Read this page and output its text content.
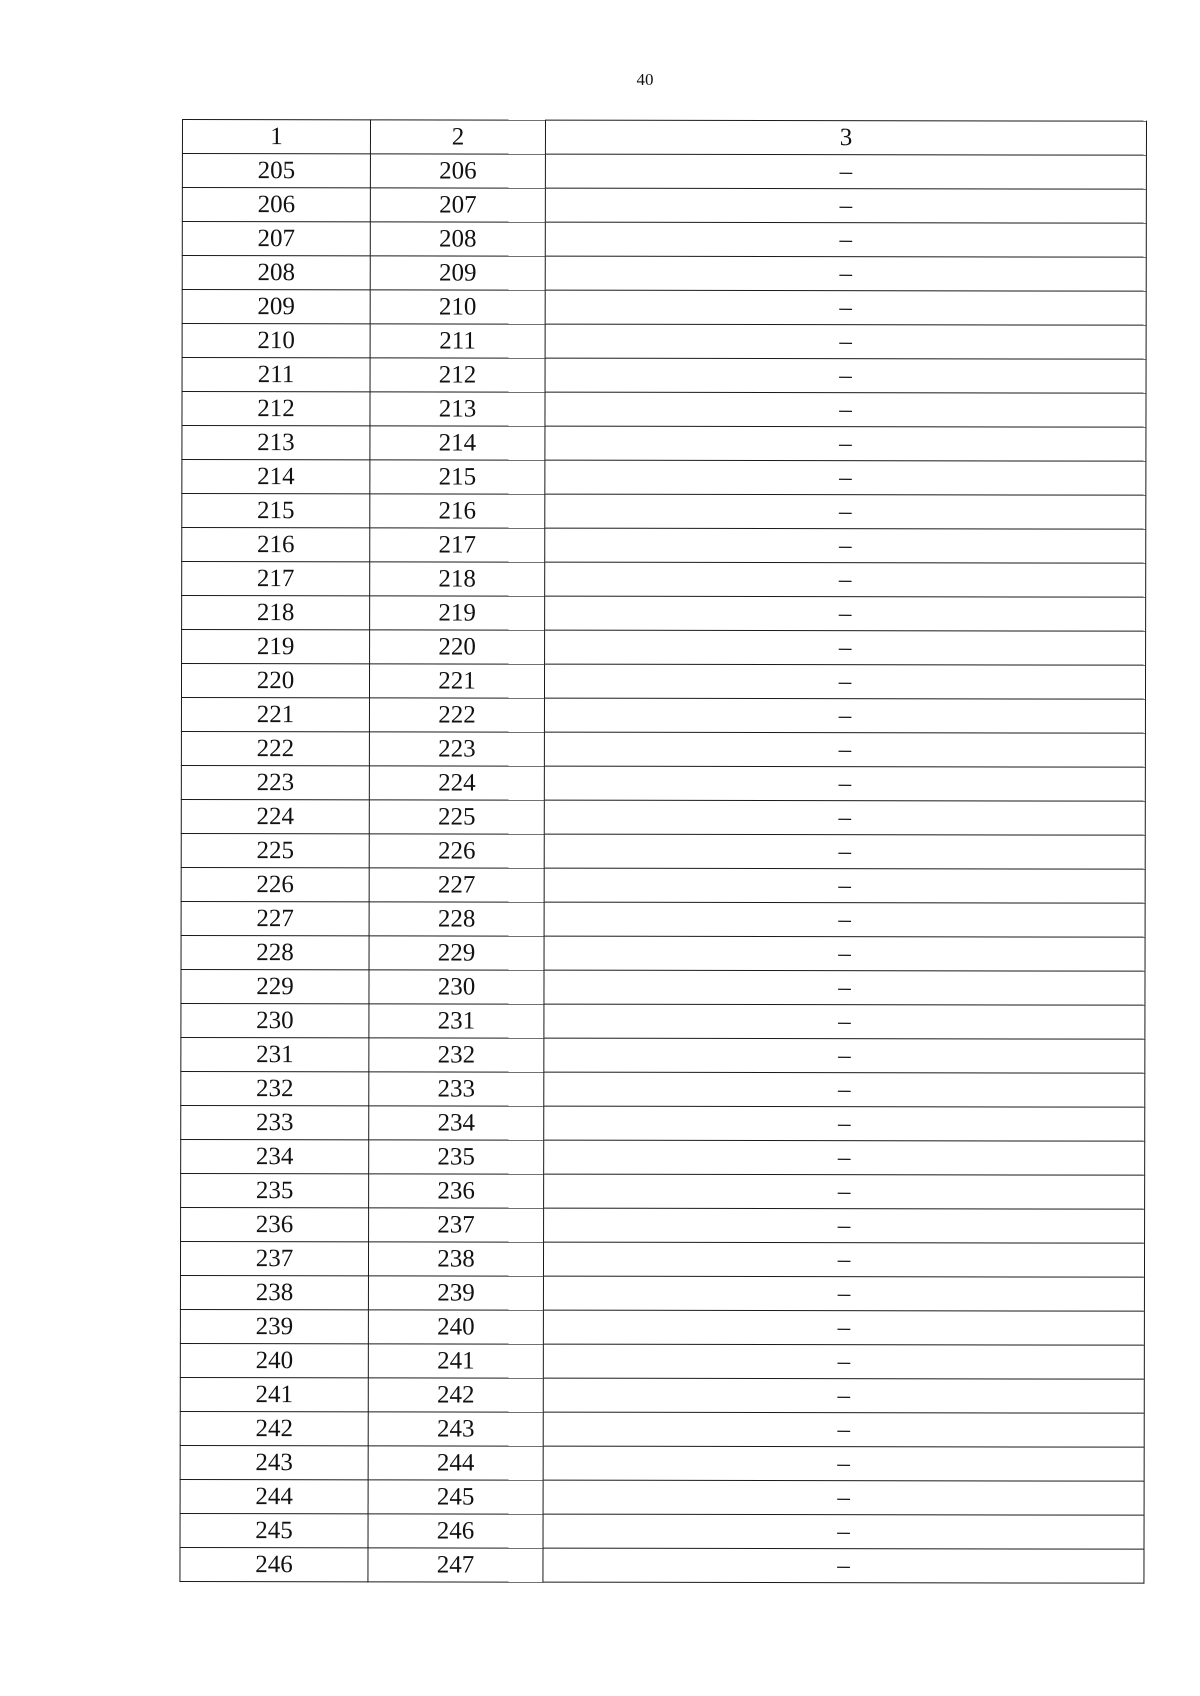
40
1	2	3
205	206	–
206	207	–
207	208	–
208	209	–
209	210	–
210	211	–
211	212	–
212	213	–
213	214	–
214	215	–
215	216	–
216	217	–
217	218	–
218	219	–
219	220	–
220	221	–
221	222	–
222	223	–
223	224	–
224	225	–
225	226	–
226	227	–
227	228	–
228	229	–
229	230	–
230	231	–
231	232	–
232	233	–
233	234	–
234	235	–
235	236	–
236	237	–
237	238	–
238	239	–
239	240	–
240	241	–
241	242	–
242	243	–
243	244	–
244	245	–
245	246	–
246	247	–
